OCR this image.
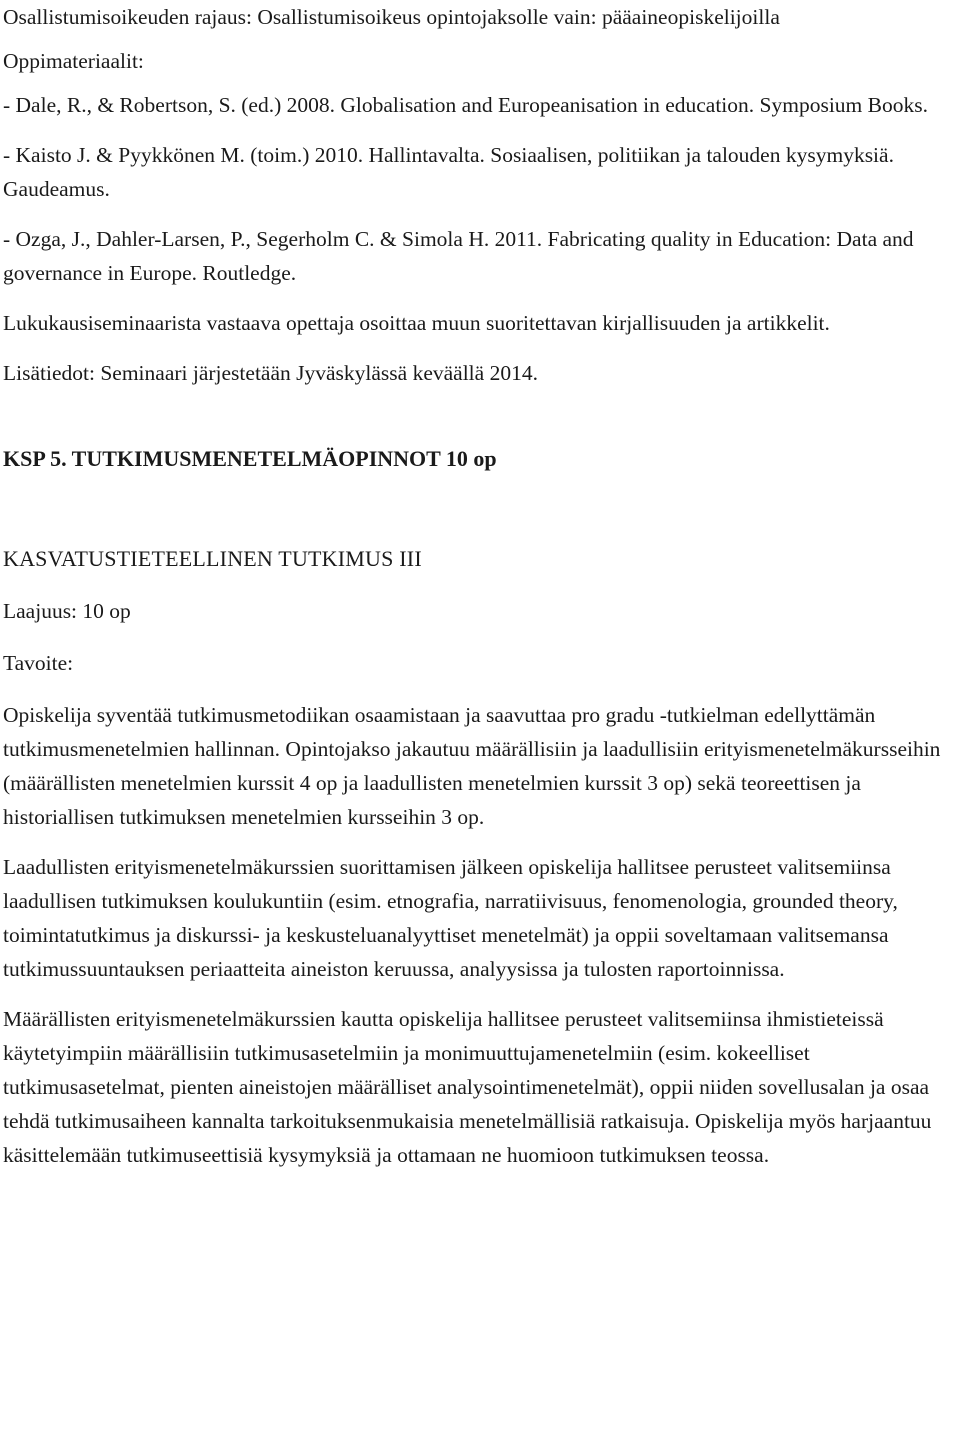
Osallistumisoikeuden rajaus: Osallistumisoikeus opintojaksolle vain: pääaineopiskelijoilla

Oppimateriaalit:

- Dale, R., & Robertson, S. (ed.) 2008. Globalisation and Europeanisation in education. Symposium Books.

- Kaisto J. & Pyykkönen M. (toim.) 2010. Hallintavalta. Sosiaalisen, politiikan ja talouden kysymyksiä. Gaudeamus.

- Ozga, J., Dahler-Larsen, P., Segerholm C. & Simola H. 2011. Fabricating quality in Education: Data and governance in Europe. Routledge.

Lukukausiseminaarista vastaava opettaja osoittaa muun suoritettavan kirjallisuuden ja artikkelit.

Lisätiedot: Seminaari järjestetään Jyväskylässä keväällä 2014.

KSP 5. TUTKIMUSMENETELMÄOPINNOT 10 op

KASVATUSTIETEELLINEN TUTKIMUS III

Laajuus: 10 op

Tavoite:

Opiskelija syventää tutkimusmetodiikan osaamistaan ja saavuttaa pro gradu -tutkielman edellyttämän tutkimusmenetelmien hallinnan. Opintojakso jakautuu määrällisiin ja laadullisiin erityismenetelmäkursseihin (määrällisten menetelmien kurssit 4 op ja laadullisten menetelmien kurssit 3 op) sekä teoreettisen ja historiallisen tutkimuksen menetelmien kursseihin 3 op.

Laadullisten erityismenetelmäkurssien suorittamisen jälkeen opiskelija hallitsee perusteet valitsemiinsa laadullisen tutkimuksen koulukuntiin (esim. etnografia, narratiivisuus, fenomenologia, grounded theory, toimintatutkimus ja diskurssi- ja keskusteluanalyyttiset menetelmät) ja oppii soveltamaan valitsemansa tutkimussuuntauksen periaatteita aineiston keruussa, analyysissa ja tulosten raportoinnissa.

Määrällisten erityismenetelmäkurssien kautta opiskelija hallitsee perusteet valitsemiinsa ihmistieteissä käytetyimpiin määrällisiin tutkimusasetelmiin ja monimuuttujamenetelmiin (esim. kokeelliset tutkimusasetelmat, pienten aineistojen määrälliset analysointimenetelmät), oppii niiden sovellusalan ja osaa tehdä tutkimusaiheen kannalta tarkoituksenmukaisia menetelmällisiä ratkaisuja. Opiskelija myös harjaantuu käsittelemään tutkimuseettisiä kysymyksiä ja ottamaan ne huomioon tutkimuksen teossa.
